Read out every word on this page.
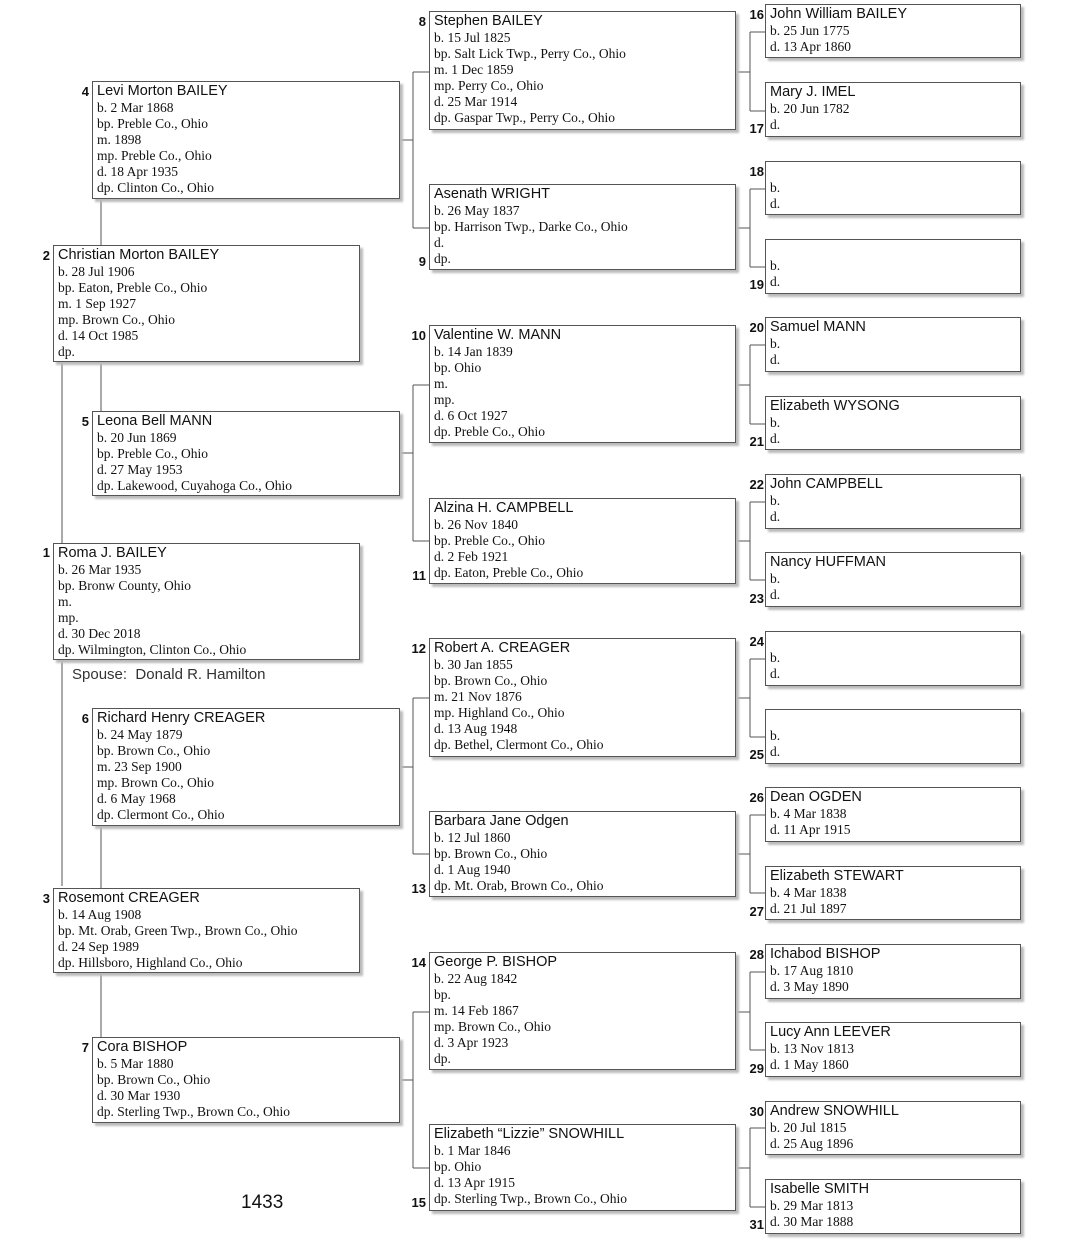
Roma J. BAILEY
b. 26 Mar 1935
bp. Bronw County, Ohio
m.
mp.
d. 30 Dec 2018
dp. Wilmington, Clinton Co., Ohio
1
Spouse: Donald R. Hamilton
Christian Morton BAILEY
b. 28 Jul 1906
bp. Eaton, Preble Co., Ohio
m. 1 Sep 1927
mp. Brown Co., Ohio
d. 14 Oct 1985
dp.
2
Rosemont CREAGER
b. 14 Aug 1908
bp. Mt. Orab, Green Twp., Brown Co., Ohio
d. 24 Sep 1989
dp. Hillsboro, Highland Co., Ohio
3
Levi Morton BAILEY
b. 2 Mar 1868
bp. Preble Co., Ohio
m. 1898
mp. Preble Co., Ohio
d. 18 Apr 1935
dp. Clinton Co., Ohio
4
Leona Bell MANN
b. 20 Jun 1869
bp. Preble Co., Ohio
d. 27 May 1953
dp. Lakewood, Cuyahoga Co., Ohio
5
Richard Henry CREAGER
b. 24 May 1879
bp. Brown Co., Ohio
m. 23 Sep 1900
mp. Brown Co., Ohio
d. 6 May 1968
dp. Clermont Co., Ohio
6
Cora BISHOP
b. 5 Mar 1880
bp. Brown Co., Ohio
d. 30 Mar 1930
dp. Sterling Twp., Brown Co., Ohio
7
Stephen BAILEY
b. 15 Jul 1825
bp. Salt Lick Twp., Perry Co., Ohio
m. 1 Dec 1859
mp. Perry Co., Ohio
d. 25 Mar 1914
dp. Gaspar Twp., Perry Co., Ohio
8
Asenath WRIGHT
b. 26 May 1837
bp. Harrison Twp., Darke Co., Ohio
d.
dp.
9
Valentine W. MANN
b. 14 Jan 1839
bp. Ohio
m.
mp.
d. 6 Oct 1927
dp. Preble Co., Ohio
10
Alzina H. CAMPBELL
b. 26 Nov 1840
bp. Preble Co., Ohio
d. 2 Feb 1921
dp. Eaton, Preble Co., Ohio
11
Robert A. CREAGER
b. 30 Jan 1855
bp. Brown Co., Ohio
m. 21 Nov 1876
mp. Highland Co., Ohio
d. 13 Aug 1948
dp. Bethel, Clermont Co., Ohio
12
Barbara Jane Odgen
b. 12 Jul 1860
bp. Brown Co., Ohio
d. 1 Aug 1940
dp. Mt. Orab, Brown Co., Ohio
13
George P. BISHOP
b. 22 Aug 1842
bp.
m. 14 Feb 1867
mp. Brown Co., Ohio
d. 3 Apr 1923
dp.
14
Elizabeth “Lizzie” SNOWHILL
b. 1 Mar 1846
bp. Ohio
d. 13 Apr 1915
dp. Sterling Twp., Brown Co., Ohio
15
John William BAILEY
b. 25 Jun 1775
d. 13 Apr 1860
16
Mary J. IMEL
b. 20 Jun 1782
d.
17
b.
d.
18
b.
d.
19
Samuel MANN
b.
d.
20
Elizabeth WYSONG
b.
d.
21
John CAMPBELL
b.
d.
22
Nancy HUFFMAN
b.
d.
23
b.
d.
24
b.
d.
25
Dean OGDEN
b. 4 Mar 1838
d. 11 Apr 1915
26
Elizabeth STEWART
b. 4 Mar 1838
d. 21 Jul 1897
27
Ichabod BISHOP
b. 17 Aug 1810
d. 3 May 1890
28
Lucy Ann LEEVER
b. 13 Nov 1813
d. 1 May 1860
29
Andrew SNOWHILL
b. 20 Jul 1815
d. 25 Aug 1896
30
Isabelle SMITH
b. 29 Mar 1813
d. 30 Mar 1888
31
1433
